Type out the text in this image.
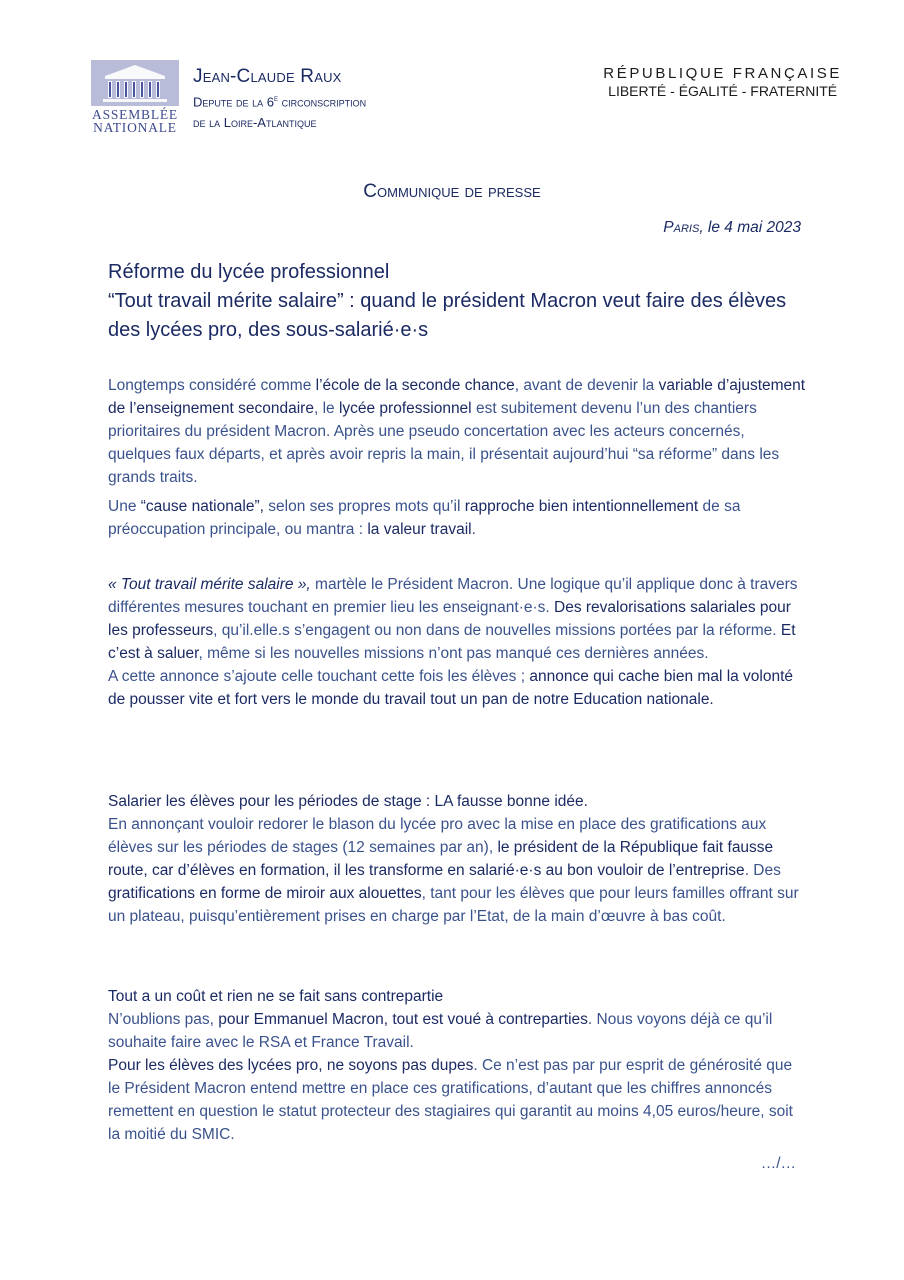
ASSEMBLÉE
NATIONALE
Jean-Claude Raux
Depute de la 6e circonscription
de la Loire-Atlantique
RÉPUBLIQUE FRANÇAISE
LIBERTÉ - ÉGALITÉ - FRATERNITÉ
Communique de presse
Paris, le 4 mai 2023
Réforme du lycée professionnel
“Tout travail mérite salaire” : quand le président Macron veut faire des élèves des lycées pro, des sous-salarié·e·s

Longtemps considéré comme l’école de la seconde chance, avant de devenir la variable d’ajustement de l’enseignement secondaire, le lycée professionnel est subitement devenu l’un des chantiers prioritaires du président Macron. Après une pseudo concertation avec les acteurs concernés, quelques faux départs, et après avoir repris la main, il présentait aujourd’hui “sa réforme” dans les grands traits.

Une “cause nationale”, selon ses propres mots qu’il rapproche bien intentionnellement de sa préoccupation principale, ou mantra : la valeur travail.

« Tout travail mérite salaire », martèle le Président Macron. Une logique qu’il applique donc à travers différentes mesures touchant en premier lieu les enseignant·e·s. Des revalorisations salariales pour les professeurs, qu’il.elle.s s’engagent ou non dans de nouvelles missions portées par la réforme. Et c’est à saluer, même si les nouvelles missions n’ont pas manqué ces dernières années.

A cette annonce s’ajoute celle touchant cette fois les élèves ; annonce qui cache bien mal la volonté de pousser vite et fort vers le monde du travail tout un pan de notre Education nationale.

Salarier les élèves pour les périodes de stage : LA fausse bonne idée.

En annonçant vouloir redorer le blason du lycée pro avec la mise en place des gratifications aux élèves sur les périodes de stages (12 semaines par an), le président de la République fait fausse route, car d’élèves en formation, il les transforme en salarié·e·s au bon vouloir de l’entreprise. Des gratifications en forme de miroir aux alouettes, tant pour les élèves que pour leurs familles offrant sur un plateau, puisqu’entièrement prises en charge par l’Etat, de la main d’œuvre à bas coût.

Tout a un coût et rien ne se fait sans contrepartie

N’oublions pas, pour Emmanuel Macron, tout est voué à contreparties. Nous voyons déjà ce qu’il souhaite faire avec le RSA et France Travail.

Pour les élèves des lycées pro, ne soyons pas dupes. Ce n’est pas par pur esprit de générosité que le Président Macron entend mettre en place ces gratifications, d’autant que les chiffres annoncés remettent en question le statut protecteur des stagiaires qui garantit au moins 4,05 euros/heure, soit la moitié du SMIC.

…/…
